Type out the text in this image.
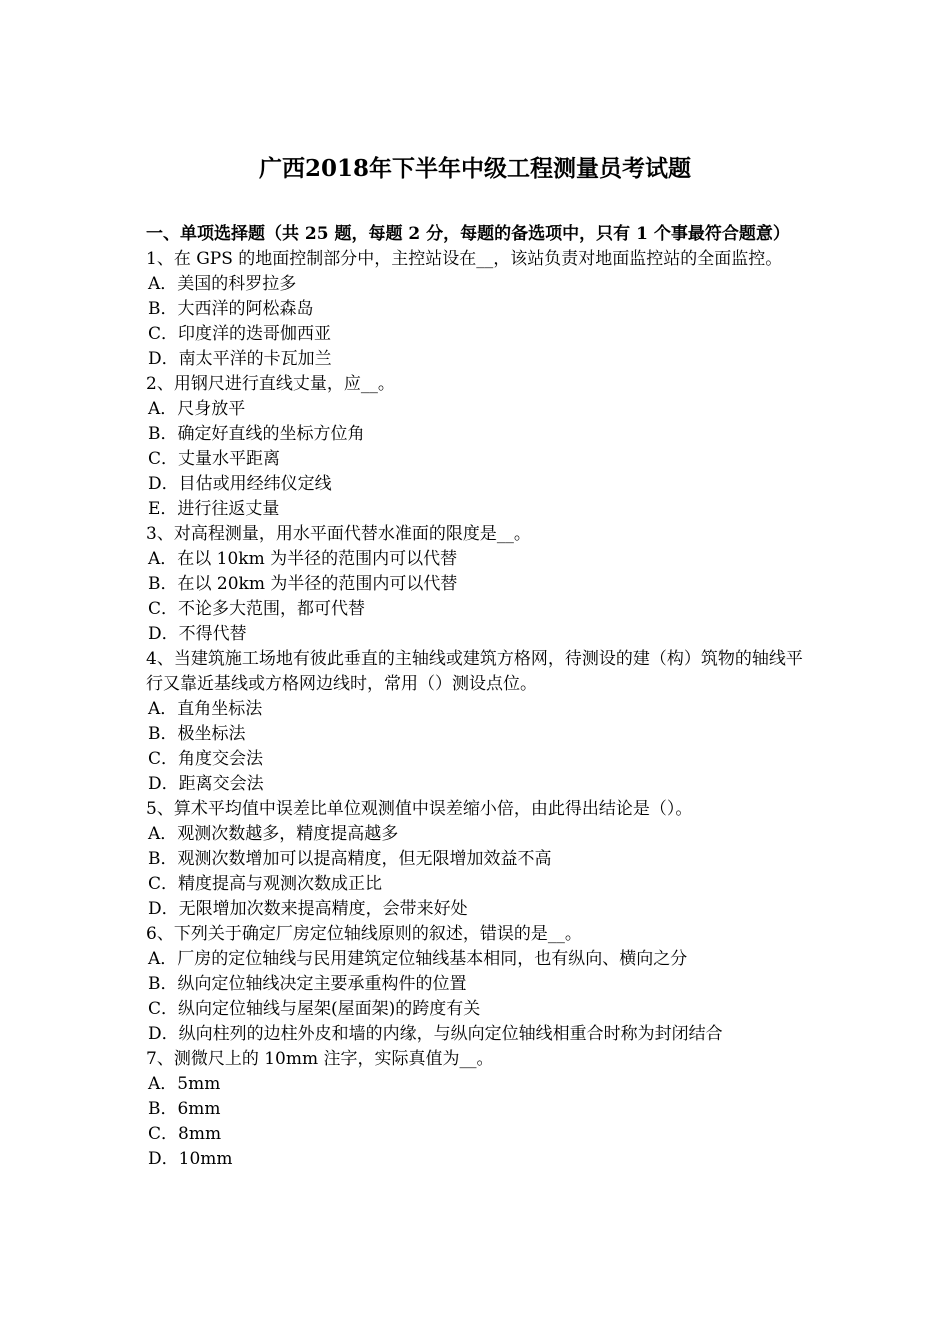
广西2018年下半年中级工程测量员考试题
一、单项选择题（共 25 题，每题 2 分，每题的备选项中，只有 1 个事最符合题意）
1、在 GPS 的地面控制部分中，主控站设在__，该站负责对地面监控站的全面监控。
A．美国的科罗拉多
B．大西洋的阿松森岛
C．印度洋的迭哥伽西亚
D．南太平洋的卡瓦加兰
2、用钢尺进行直线丈量，应__。
A．尺身放平
B．确定好直线的坐标方位角
C．丈量水平距离
D．目估或用经纬仪定线
E．进行往返丈量
3、对高程测量，用水平面代替水准面的限度是__。
A．在以 10km 为半径的范围内可以代替
B．在以 20km 为半径的范围内可以代替
C．不论多大范围，都可代替
D．不得代替
4、当建筑施工场地有彼此垂直的主轴线或建筑方格网，待测设的建（构）筑物的轴线平行又靠近基线或方格网边线时，常用（）测设点位。
A．直角坐标法
B．极坐标法
C．角度交会法
D．距离交会法
5、算术平均值中误差比单位观测值中误差缩小倍，由此得出结论是（）。
A．观测次数越多，精度提高越多
B．观测次数增加可以提高精度，但无限增加效益不高
C．精度提高与观测次数成正比
D．无限增加次数来提高精度，会带来好处
6、下列关于确定厂房定位轴线原则的叙述，错误的是__。
A．厂房的定位轴线与民用建筑定位轴线基本相同，也有纵向、横向之分
B．纵向定位轴线决定主要承重构件的位置
C．纵向定位轴线与屋架(屋面架)的跨度有关
D．纵向柱列的边柱外皮和墙的内缘，与纵向定位轴线相重合时称为封闭结合
7、测微尺上的 10mm 注字，实际真值为__。
A．5mm
B．6mm
C．8mm
D．10mm
